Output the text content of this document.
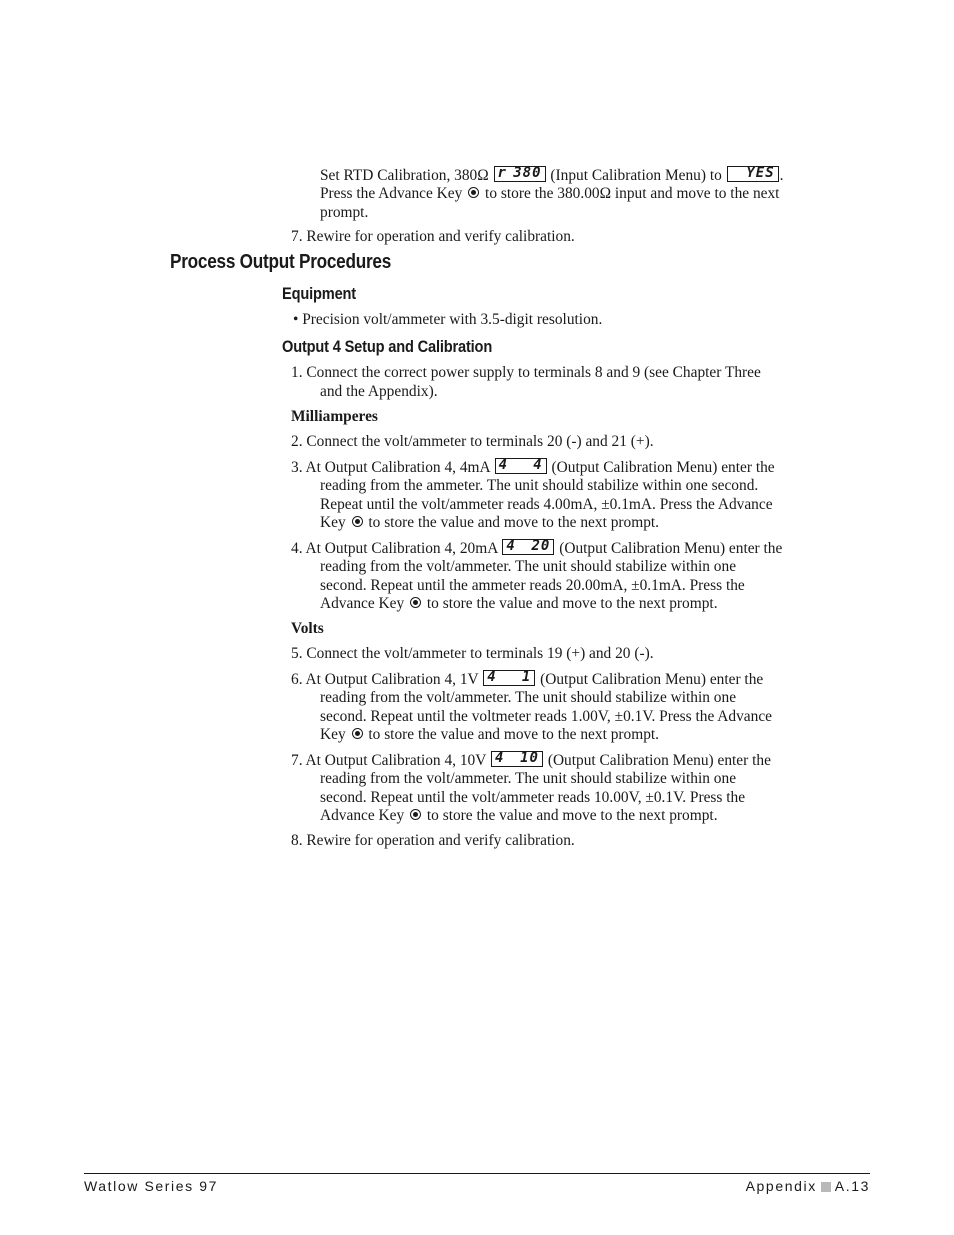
Set RTD Calibration, 380Ω r 380 (Input Calibration Menu) to YES .
Press the Advance Key to store the 380.00Ω input and move to the next
prompt.
7. Rewire for operation and verify calibration.
Process Output Procedures
Equipment
• Precision volt/ammeter with 3.5-digit resolution.
Output 4 Setup and Calibration
1. Connect the correct power supply to terminals 8 and 9 (see Chapter Three
and the Appendix).
Milliamperes
2. Connect the volt/ammeter to terminals 20 (-) and 21 (+).
3. At Output Calibration 4, 4mA 4 4 (Output Calibration Menu) enter the
reading from the ammeter. The unit should stabilize within one second.
Repeat until the volt/ammeter reads 4.00mA, ±0.1mA. Press the Advance
Key to store the value and move to the next prompt.
4. At Output Calibration 4, 20mA 4 20 (Output Calibration Menu) enter the
reading from the volt/ammeter. The unit should stabilize within one
second. Repeat until the ammeter reads 20.00mA, ±0.1mA. Press the
Advance Key to store the value and move to the next prompt.
Volts
5. Connect the volt/ammeter to terminals 19 (+) and 20 (-).
6. At Output Calibration 4, 1V 4 1 (Output Calibration Menu) enter the
reading from the volt/ammeter. The unit should stabilize within one
second. Repeat until the voltmeter reads 1.00V, ±0.1V. Press the Advance
Key to store the value and move to the next prompt.
7. At Output Calibration 4, 10V 4 10 (Output Calibration Menu) enter the
reading from the volt/ammeter. The unit should stabilize within one
second. Repeat until the volt/ammeter reads 10.00V, ±0.1V. Press the
Advance Key to store the value and move to the next prompt.
8. Rewire for operation and verify calibration.
Watlow Series 97	Appendix A.13
